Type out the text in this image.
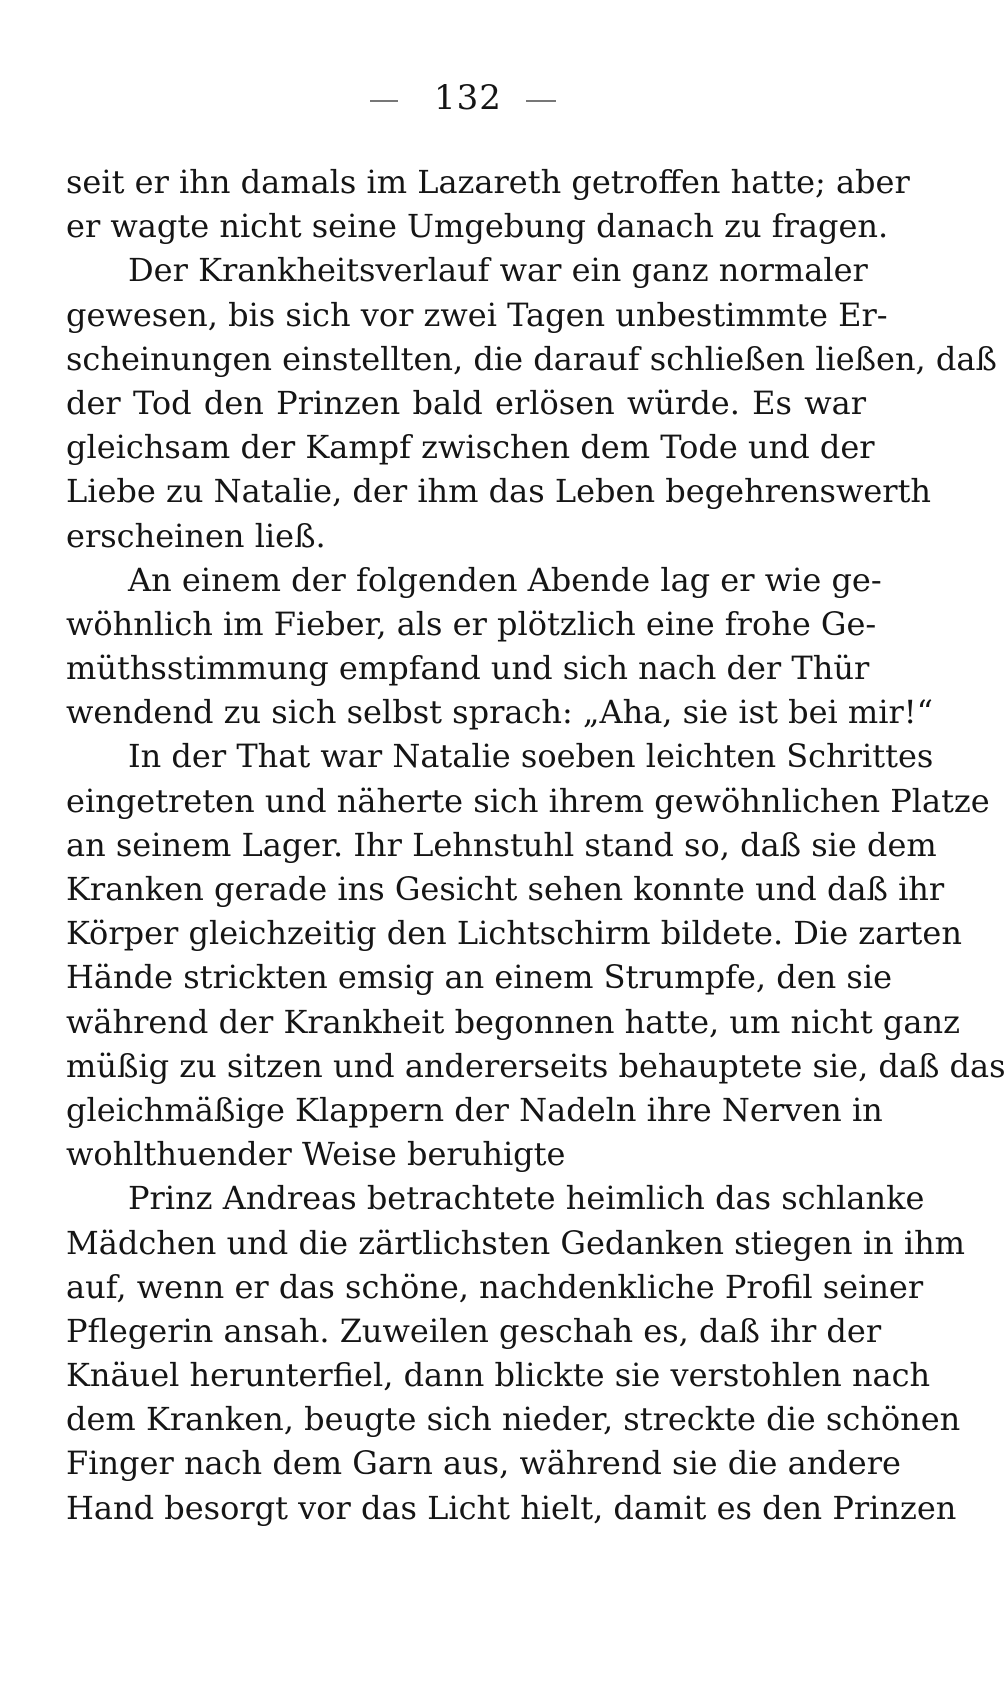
132
seit er ihn damals im Lazareth getroffen hatte; aber
er wagte nicht seine Umgebung danach zu fragen.
Der Krankheitsverlauf war ein ganz normaler
gewesen, bis sich vor zwei Tagen unbestimmte Er-
scheinungen einstellten, die darauf schließen ließen, daß
der Tod den Prinzen bald erlösen würde. Es war
gleichsam der Kampf zwischen dem Tode und der
Liebe zu Natalie, der ihm das Leben begehrenswerth
erscheinen ließ.
An einem der folgenden Abende lag er wie ge-
wöhnlich im Fieber, als er plötzlich eine frohe Ge-
müthsstimmung empfand und sich nach der Thür
wendend zu sich selbst sprach: „Aha, sie ist bei mir!“
In der That war Natalie soeben leichten Schrittes
eingetreten und näherte sich ihrem gewöhnlichen Platze
an seinem Lager. Ihr Lehnstuhl stand so, daß sie dem
Kranken gerade ins Gesicht sehen konnte und daß ihr
Körper gleichzeitig den Lichtschirm bildete. Die zarten
Hände strickten emsig an einem Strumpfe, den sie
während der Krankheit begonnen hatte, um nicht ganz
müßig zu sitzen und andererseits behauptete sie, daß das
gleichmäßige Klappern der Nadeln ihre Nerven in
wohlthuender Weise beruhigte
Prinz Andreas betrachtete heimlich das schlanke
Mädchen und die zärtlichsten Gedanken stiegen in ihm
auf, wenn er das schöne, nachdenkliche Profil seiner
Pflegerin ansah. Zuweilen geschah es, daß ihr der
Knäuel herunterfiel, dann blickte sie verstohlen nach
dem Kranken, beugte sich nieder, streckte die schönen
Finger nach dem Garn aus, während sie die andere
Hand besorgt vor das Licht hielt, damit es den Prinzen
